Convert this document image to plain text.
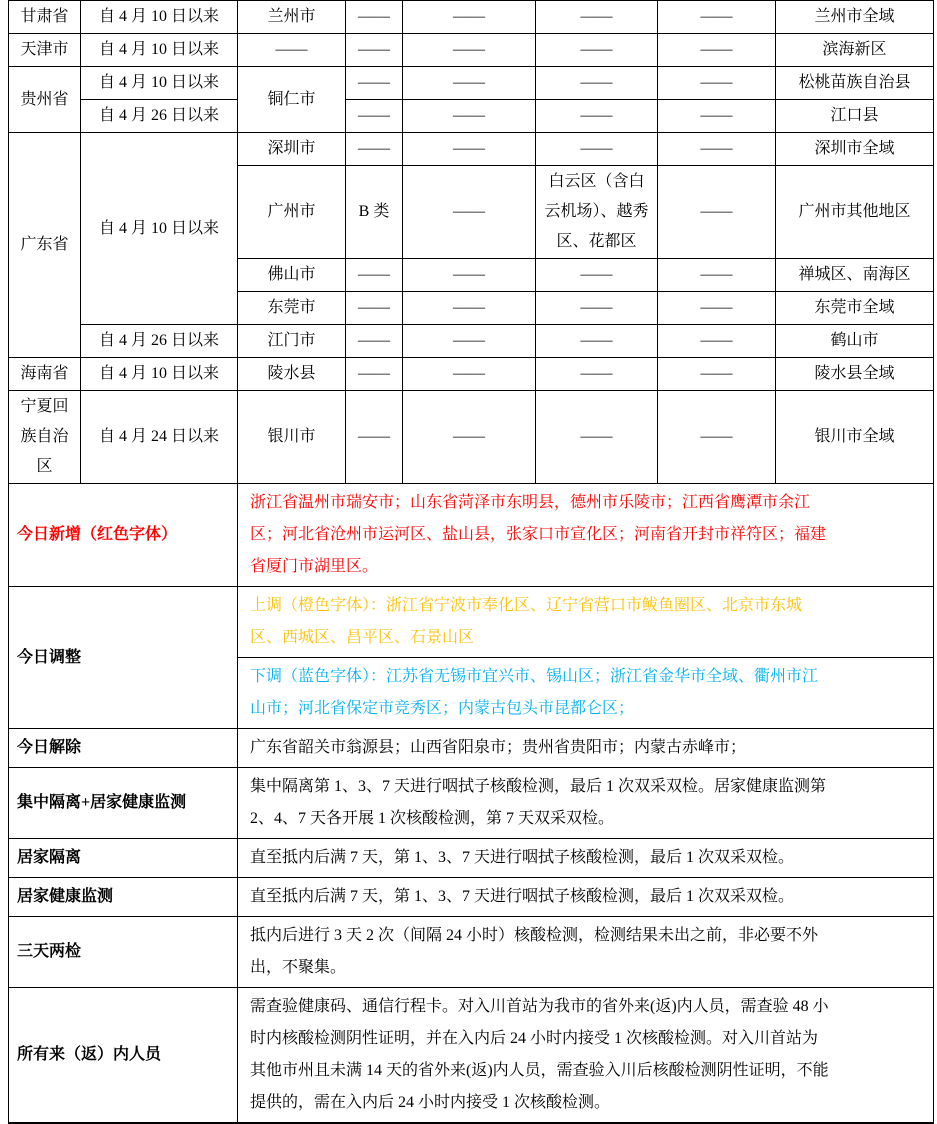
甘肃省	自 4 月 10 日以来	兰州市	——	——	——	——	兰州市全域
天津市	自 4 月 10 日以来	——	——	——	——	——	滨海新区
贵州省	自 4 月 10 日以来	铜仁市	——	——	——	——	松桃苗族自治县
	自 4 月 26 日以来		——	——	——	——	江口县
广东省	自 4 月 10 日以来	深圳市	——	——	——	——	深圳市全域
		广州市	B 类	——	白云区（含白云机场）、越秀区、花都区	——	广州市其他地区
		佛山市	——	——	——	——	禅城区、南海区
		东莞市	——	——	——	——	东莞市全域
	自 4 月 26 日以来	江门市	——	——	——	——	鹤山市
海南省	自 4 月 10 日以来	陵水县	——	——	——	——	陵水县全域
宁夏回族自治区	自 4 月 24 日以来	银川市	——	——	——	——	银川市全域
今日新增（红色字体）		浙江省温州市瑞安市；山东省菏泽市东明县，德州市乐陵市；江西省鹰潭市余江区；河北省沧州市运河区、盐山县，张家口市宣化区；河南省开封市祥符区；福建省厦门市湖里区。					
今日调整		上调（橙色字体）：浙江省宁波市奉化区、辽宁省营口市鲅鱼圈区、北京市东城区、西城区、昌平区、石景山区					
		下调（蓝色字体）：江苏省无锡市宜兴市、锡山区；浙江省金华市全域、衢州市江山市；河北省保定市竞秀区；内蒙古包头市昆都仑区；					
今日解除		广东省韶关市翁源县；山西省阳泉市；贵州省贵阳市；内蒙古赤峰市；					
集中隔离+居家健康监测		集中隔离第 1、3、7 天进行咽拭子核酸检测，最后 1 次双采双检。居家健康监测第 2、4、7 天各开展 1 次核酸检测，第 7 天双采双检。					
居家隔离		直至抵内后满 7 天，第 1、3、7 天进行咽拭子核酸检测，最后 1 次双采双检。					
居家健康监测		直至抵内后满 7 天，第 1、3、7 天进行咽拭子核酸检测，最后 1 次双采双检。					
三天两检		抵内后进行 3 天 2 次（间隔 24 小时）核酸检测，检测结果未出之前，非必要不外出，不聚集。					
所有来（返）内人员		需查验健康码、通信行程卡。对入川首站为我市的省外来(返)内人员，需查验 48 小时内核酸检测阴性证明，并在入内后 24 小时内接受 1 次核酸检测。对入川首站为其他市州且未满 14 天的省外来(返)内人员，需查验入川后核酸检测阴性证明，不能提供的，需在入内后 24 小时内接受 1 次核酸检测。					
